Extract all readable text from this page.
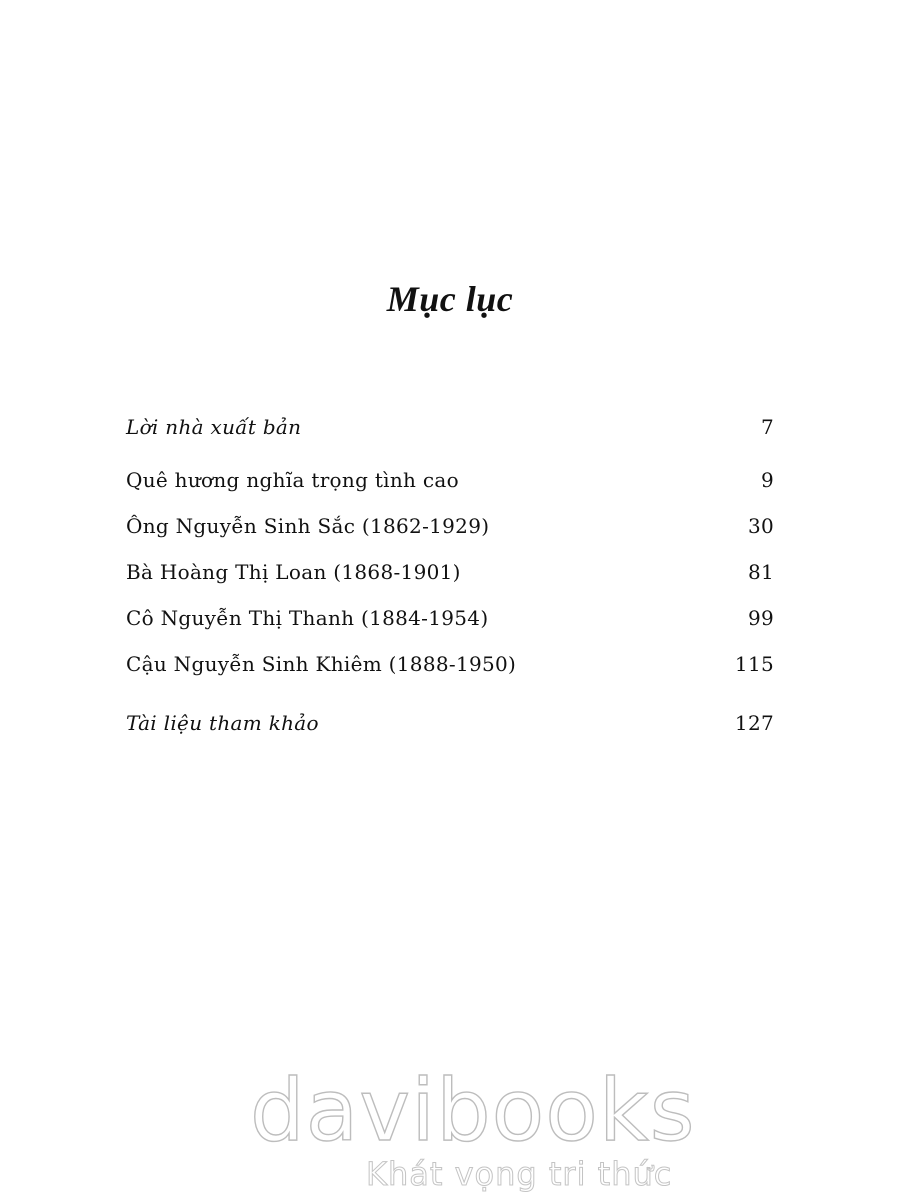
Mục lục
Lời nhà xuất bản	7
Quê hương nghĩa trọng tình cao	9
Ông Nguyễn Sinh Sắc (1862-1929)	30
Bà Hoàng Thị Loan (1868-1901)	81
Cô Nguyễn Thị Thanh (1884-1954)	99
Cậu Nguyễn Sinh Khiêm (1888-1950)	115
Tài liệu tham khảo	127
davibooks
Khát vọng tri thức
